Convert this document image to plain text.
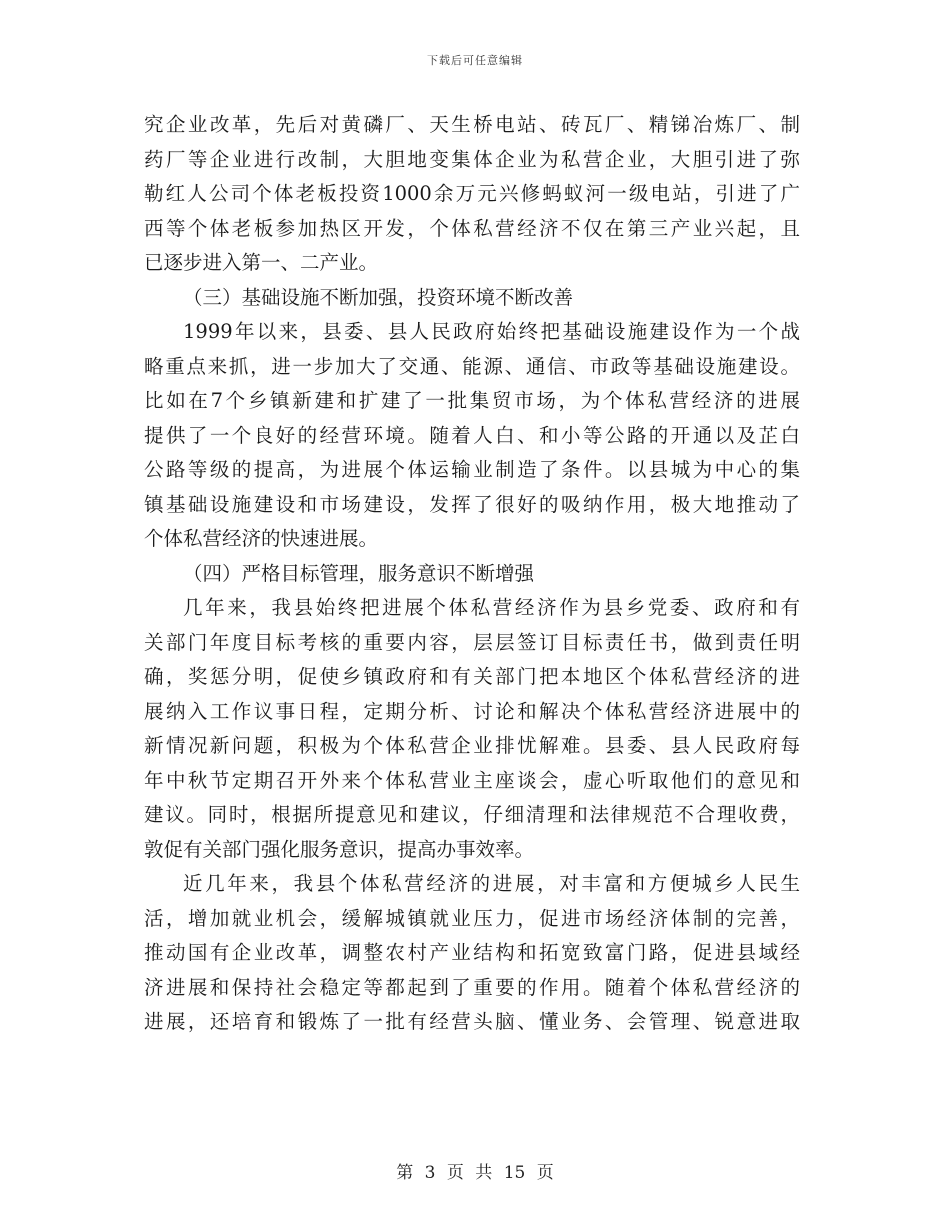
下载后可任意编辑
究企业改革，先后对黄磷厂、天生桥电站、砖瓦厂、精锑冶炼厂、制
药厂等企业进行改制，大胆地变集体企业为私营企业，大胆引进了弥
勒红人公司个体老板投资1000余万元兴修蚂蚁河一级电站，引进了广
西等个体老板参加热区开发，个体私营经济不仅在第三产业兴起，且
已逐步进入第一、二产业。
（三）基础设施不断加强，投资环境不断改善
1999年以来，县委、县人民政府始终把基础设施建设作为一个战
略重点来抓，进一步加大了交通、能源、通信、市政等基础设施建设。
比如在7个乡镇新建和扩建了一批集贸市场，为个体私营经济的进展
提供了一个良好的经营环境。随着人白、和小等公路的开通以及芷白
公路等级的提高，为进展个体运输业制造了条件。以县城为中心的集
镇基础设施建设和市场建设，发挥了很好的吸纳作用，极大地推动了
个体私营经济的快速进展。
（四）严格目标管理，服务意识不断增强
几年来，我县始终把进展个体私营经济作为县乡党委、政府和有
关部门年度目标考核的重要内容，层层签订目标责任书，做到责任明
确，奖惩分明，促使乡镇政府和有关部门把本地区个体私营经济的进
展纳入工作议事日程，定期分析、讨论和解决个体私营经济进展中的
新情况新问题，积极为个体私营企业排忧解难。县委、县人民政府每
年中秋节定期召开外来个体私营业主座谈会，虚心听取他们的意见和
建议。同时，根据所提意见和建议，仔细清理和法律规范不合理收费，
敦促有关部门强化服务意识，提高办事效率。
近几年来，我县个体私营经济的进展，对丰富和方便城乡人民生
活，增加就业机会，缓解城镇就业压力，促进市场经济体制的完善，
推动国有企业改革，调整农村产业结构和拓宽致富门路，促进县域经
济进展和保持社会稳定等都起到了重要的作用。随着个体私营经济的
进展，还培育和锻炼了一批有经营头脑、懂业务、会管理、锐意进取
第 3 页 共 15 页
